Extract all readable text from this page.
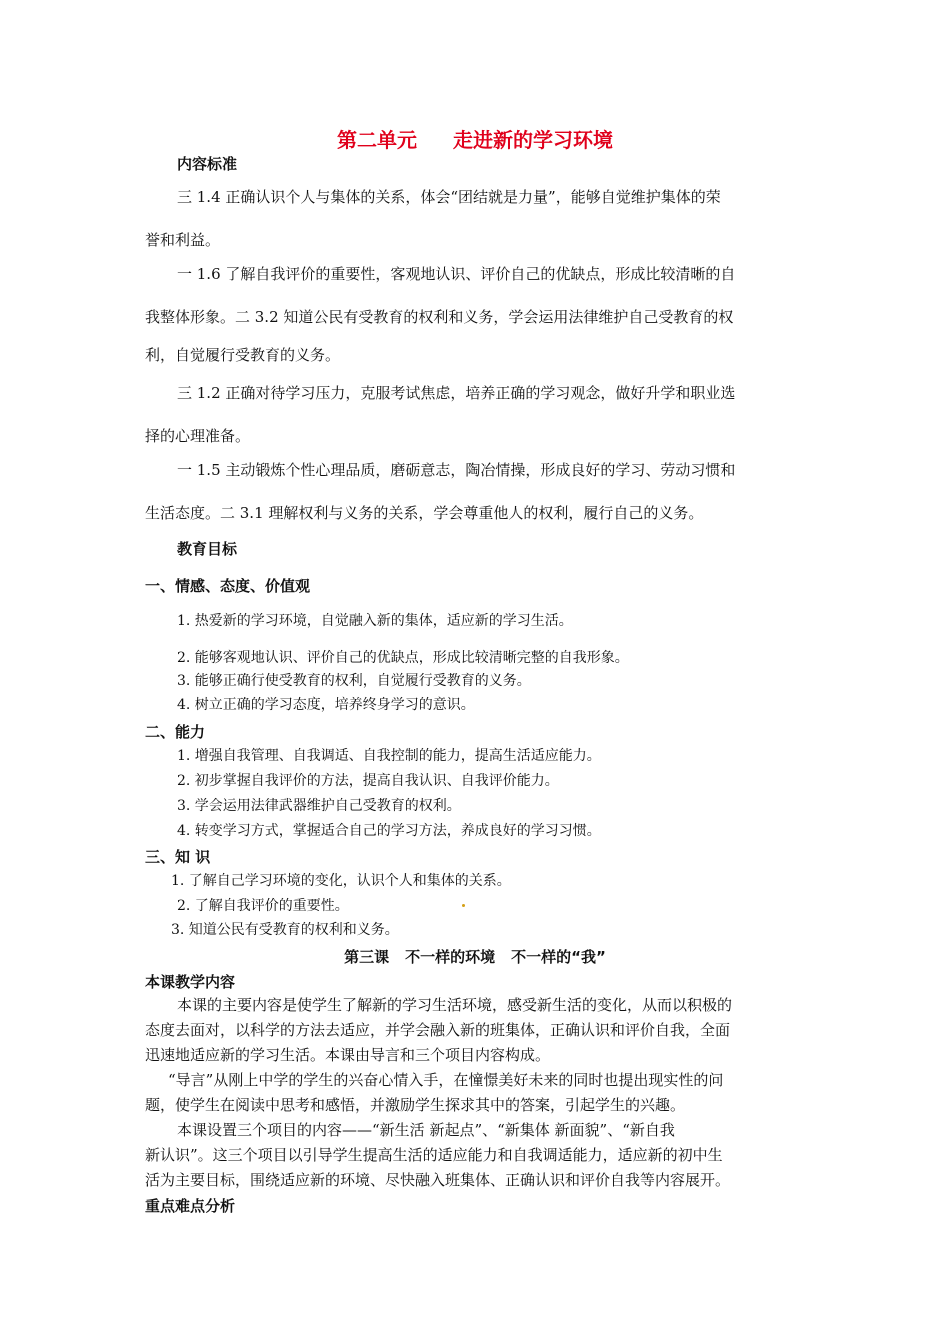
第二单元 走进新的学习环境
内容标准
三 1.4 正确认识个人与集体的关系，体会“团结就是力量”，能够自觉维护集体的荣
誉和利益。
一 1.6 了解自我评价的重要性，客观地认识、评价自己的优缺点，形成比较清晰的自
我整体形象。二 3.2 知道公民有受教育的权利和义务，学会运用法律维护自己受教育的权
利，自觉履行受教育的义务。
三 1.2 正确对待学习压力，克服考试焦虑，培养正确的学习观念，做好升学和职业选
择的心理准备。
一 1.5 主动锻炼个性心理品质，磨砺意志，陶冶情操，形成良好的学习、劳动习惯和
生活态度。二 3.1 理解权利与义务的关系，学会尊重他人的权利，履行自己的义务。
教育目标
一、情感、态度、价值观
1. 热爱新的学习环境，自觉融入新的集体，适应新的学习生活。
2. 能够客观地认识、评价自己的优缺点，形成比较清晰完整的自我形象。
3. 能够正确行使受教育的权利，自觉履行受教育的义务。
4. 树立正确的学习态度，培养终身学习的意识。
二、能力
1. 增强自我管理、自我调适、自我控制的能力，提高生活适应能力。
2. 初步掌握自我评价的方法，提高自我认识、自我评价能力。
3. 学会运用法律武器维护自己受教育的权利。
4. 转变学习方式，掌握适合自己的学习方法，养成良好的学习习惯。
三、知 识
1. 了解自己学习环境的变化，认识个人和集体的关系。
2. 了解自我评价的重要性。
3. 知道公民有受教育的权利和义务。
第三课 不一样的环境 不一样的“我”
本课教学内容
本课的主要内容是使学生了解新的学习生活环境，感受新生活的变化，从而以积极的
态度去面对，以科学的方法去适应，并学会融入新的班集体，正确认识和评价自我，全面
迅速地适应新的学习生活。本课由导言和三个项目内容构成。
“导言”从刚上中学的学生的兴奋心情入手，在憧憬美好未来的同时也提出现实性的问
题，使学生在阅读中思考和感悟，并激励学生探求其中的答案，引起学生的兴趣。
本课设置三个项目的内容——“新生活 新起点”、“新集体 新面貌”、“新自我
新认识”。这三个项目以引导学生提高生活的适应能力和自我调适能力，适应新的初中生
活为主要目标，围绕适应新的环境、尽快融入班集体、正确认识和评价自我等内容展开。
重点难点分析
